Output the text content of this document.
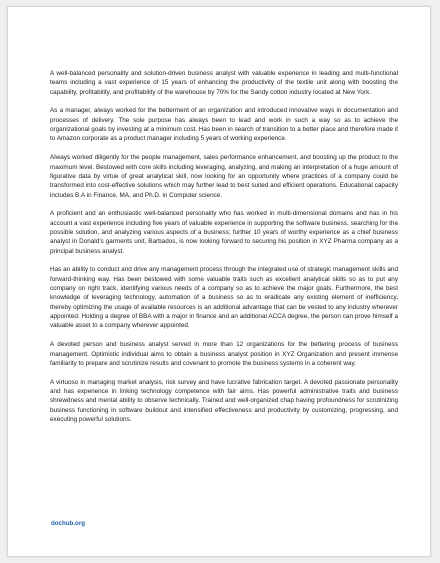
A well-balanced personality and solution-driven business analyst with valuable experience in leading and multi-functional teams including a vast experience of 15 years of enhancing the productivity of the textile unit along with boosting the capability, profitability, and profitability of the warehouse by 70% for the Sandy cotton industry located at New York.

As a manager, always worked for the betterment of an organization and introduced innovative ways in documentation and processes of delivery. The sole purpose has always been to lead and work in such a way so as to achieve the organizational goals by investing at a minimum cost. Has been in search of transition to a better place and therefore made it to Amazon corporate as a product manager including 5 years of working experience.

Always worked diligently for the people management, sales performance enhancement, and boosting up the product to the maximum level. Bestowed with core skills including leveraging, analyzing, and making an interpretation of a huge amount of figurative data by virtue of great analytical skill, now looking for an opportunity where practices of a company could be transformed into cost-effective solutions which may further lead to best suited and efficient operations. Educational capacity includes B.A in Finance, MA, and Ph.D. in Computer science.

A proficient and an enthusiastic well-balanced personality who has worked in multi-dimensional domains and has in his account a vast experience including five years of valuable experience in supporting the software business, searching for the possible solution, and analyzing various aspects of a business; further 10 years of worthy experience as a chief business analyst in Donald’s garments unit, Barbados, is now looking forward to securing his position in XYZ Pharma company as a principal business analyst.

Has an ability to conduct and drive any management process through the integrated use of strategic management skills and forward-thinking way. Has been bestowed with some valuable traits such as excellent analytical skills so as to put any company on right track, identifying various needs of a company so as to achieve the major goals. Furthermore, the best knowledge of leveraging technology, automation of a business so as to eradicate any existing element of inefficiency, thereby optimizing the usage of available resources is an additional advantage that can be vested to any industry wherever appointed. Holding a degree of BBA with a major in finance and an additional ACCA degree, the person can prove himself a valuable asset to a company wherever appointed.

A devoted person and business analyst served in more than 12 organizations for the bettering process of business management. Optimistic individual aims to obtain a business analyst position in XYZ Organization and present immense familiarity to prepare and scrutinize results and covenant to promote the business systems in a coherent way.

A virtuoso in managing market analysis, risk survey and have lucrative fabrication target. A devoted passionate personality and has experience in linking technology competence with fair aims. Has powerful administrative traits and business shrewdness and mental ability to observe technically. Trained and well-organized chap having profoundness for scrutinizing business functioning in software buildout and intensified effectiveness and productivity by customizing, progressing, and executing powerful solutions.

dochub.org
